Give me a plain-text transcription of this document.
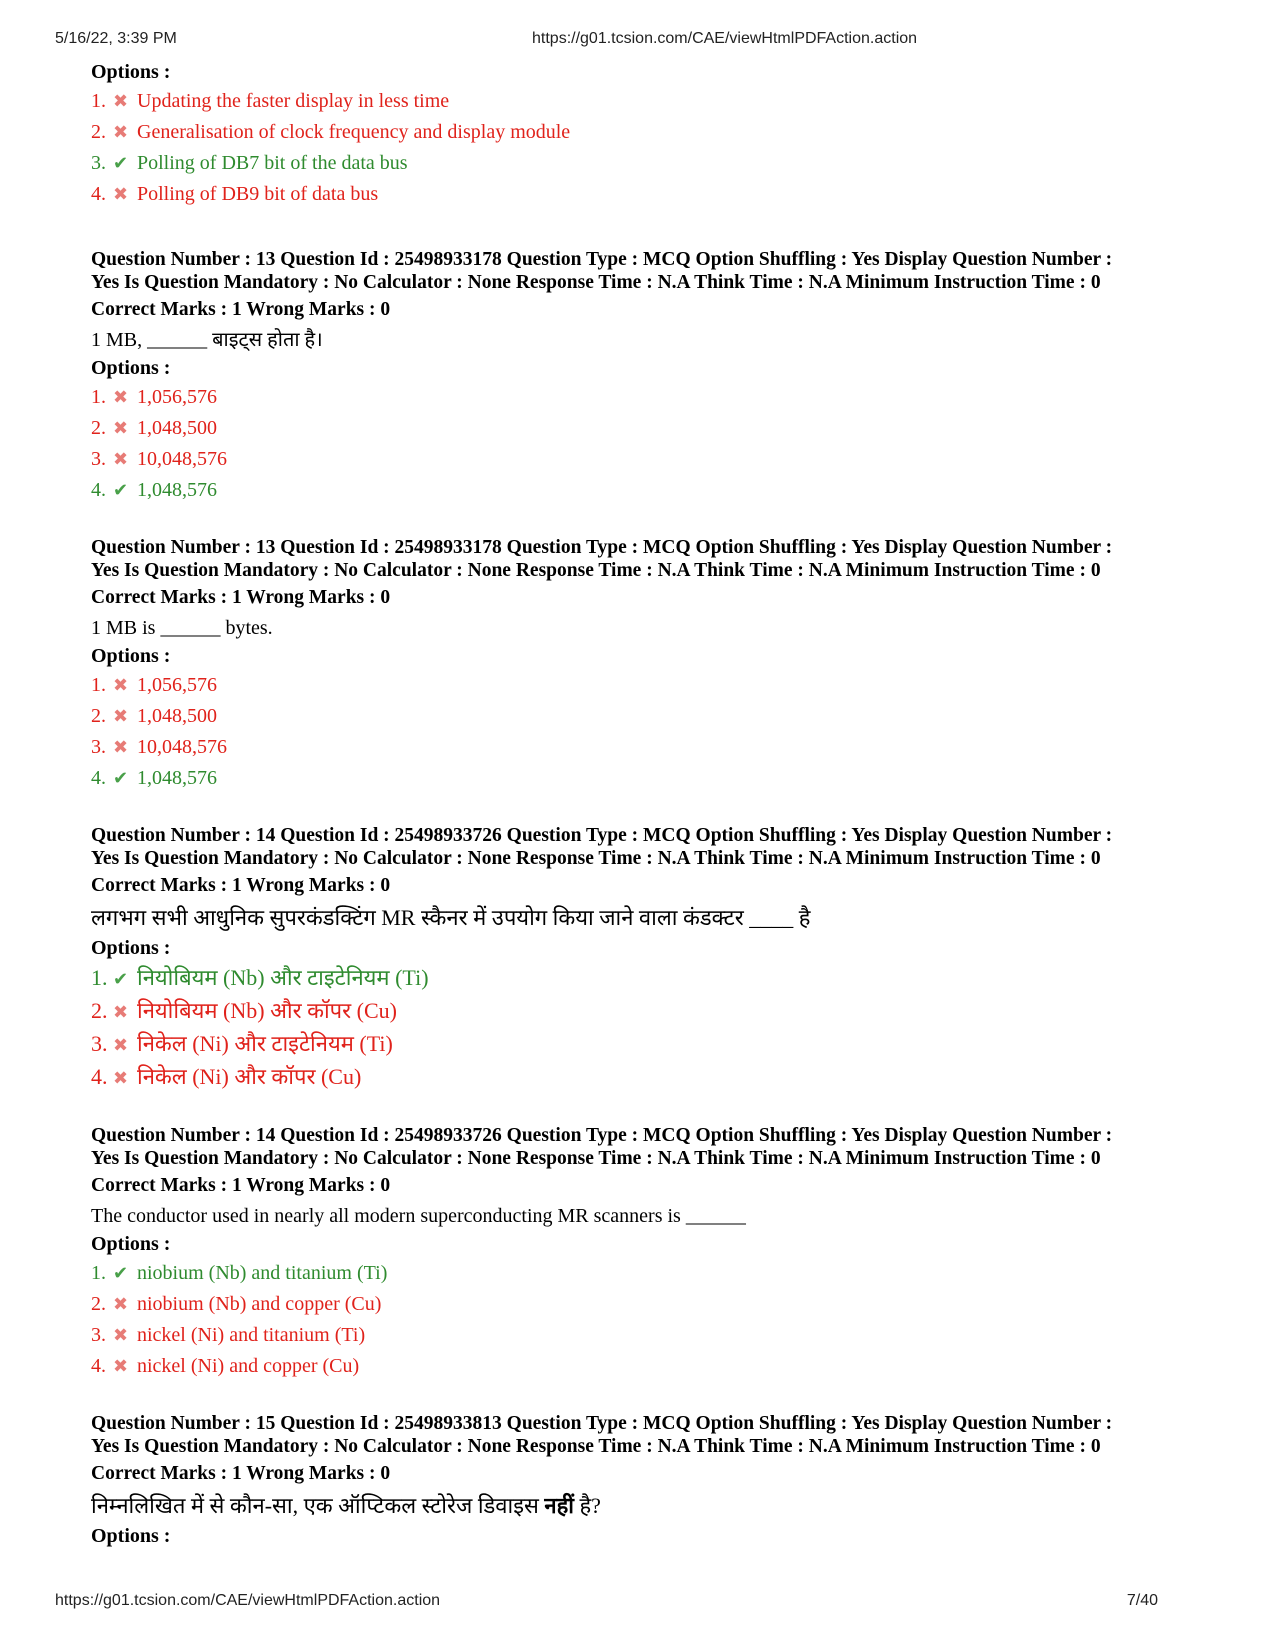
5/16/22, 3:39 PM	https://g01.tcsion.com/CAE/viewHtmlPDFAction.action
Options :
1. ✖ Updating the faster display in less time
2. ✖ Generalisation of clock frequency and display module
3. ✔ Polling of DB7 bit of the data bus
4. ✖ Polling of DB9 bit of data bus
Question Number : 13 Question Id : 25498933178 Question Type : MCQ Option Shuffling : Yes Display Question Number :
Yes Is Question Mandatory : No Calculator : None Response Time : N.A Think Time : N.A Minimum Instruction Time : 0
Correct Marks : 1 Wrong Marks : 0
1 MB, ______ बाइट्स होता है।
Options :
1. ✖ 1,056,576
2. ✖ 1,048,500
3. ✖ 10,048,576
4. ✔ 1,048,576
Question Number : 13 Question Id : 25498933178 Question Type : MCQ Option Shuffling : Yes Display Question Number :
Yes Is Question Mandatory : No Calculator : None Response Time : N.A Think Time : N.A Minimum Instruction Time : 0
Correct Marks : 1 Wrong Marks : 0
1 MB is ______ bytes.
Options :
1. ✖ 1,056,576
2. ✖ 1,048,500
3. ✖ 10,048,576
4. ✔ 1,048,576
Question Number : 14 Question Id : 25498933726 Question Type : MCQ Option Shuffling : Yes Display Question Number :
Yes Is Question Mandatory : No Calculator : None Response Time : N.A Think Time : N.A Minimum Instruction Time : 0
Correct Marks : 1 Wrong Marks : 0
लगभग सभी आधुनिक सुपरकंडक्टिंग MR स्कैनर में उपयोग किया जाने वाला कंडक्टर ____ है
Options :
1. ✔ नियोबियम (Nb) और टाइटेनियम (Ti)
2. ✖ नियोबियम (Nb) और कॉपर (Cu)
3. ✖ निकेल (Ni) और टाइटेनियम (Ti)
4. ✖ निकेल (Ni) और कॉपर (Cu)
Question Number : 14 Question Id : 25498933726 Question Type : MCQ Option Shuffling : Yes Display Question Number :
Yes Is Question Mandatory : No Calculator : None Response Time : N.A Think Time : N.A Minimum Instruction Time : 0
Correct Marks : 1 Wrong Marks : 0
The conductor used in nearly all modern superconducting MR scanners is ______
Options :
1. ✔ niobium (Nb) and titanium (Ti)
2. ✖ niobium (Nb) and copper (Cu)
3. ✖ nickel (Ni) and titanium (Ti)
4. ✖ nickel (Ni) and copper (Cu)
Question Number : 15 Question Id : 25498933813 Question Type : MCQ Option Shuffling : Yes Display Question Number :
Yes Is Question Mandatory : No Calculator : None Response Time : N.A Think Time : N.A Minimum Instruction Time : 0
Correct Marks : 1 Wrong Marks : 0
निम्नलिखित में से कौन-सा, एक ऑप्टिकल स्टोरेज डिवाइस नहीं है?
Options :
https://g01.tcsion.com/CAE/viewHtmlPDFAction.action	7/40
